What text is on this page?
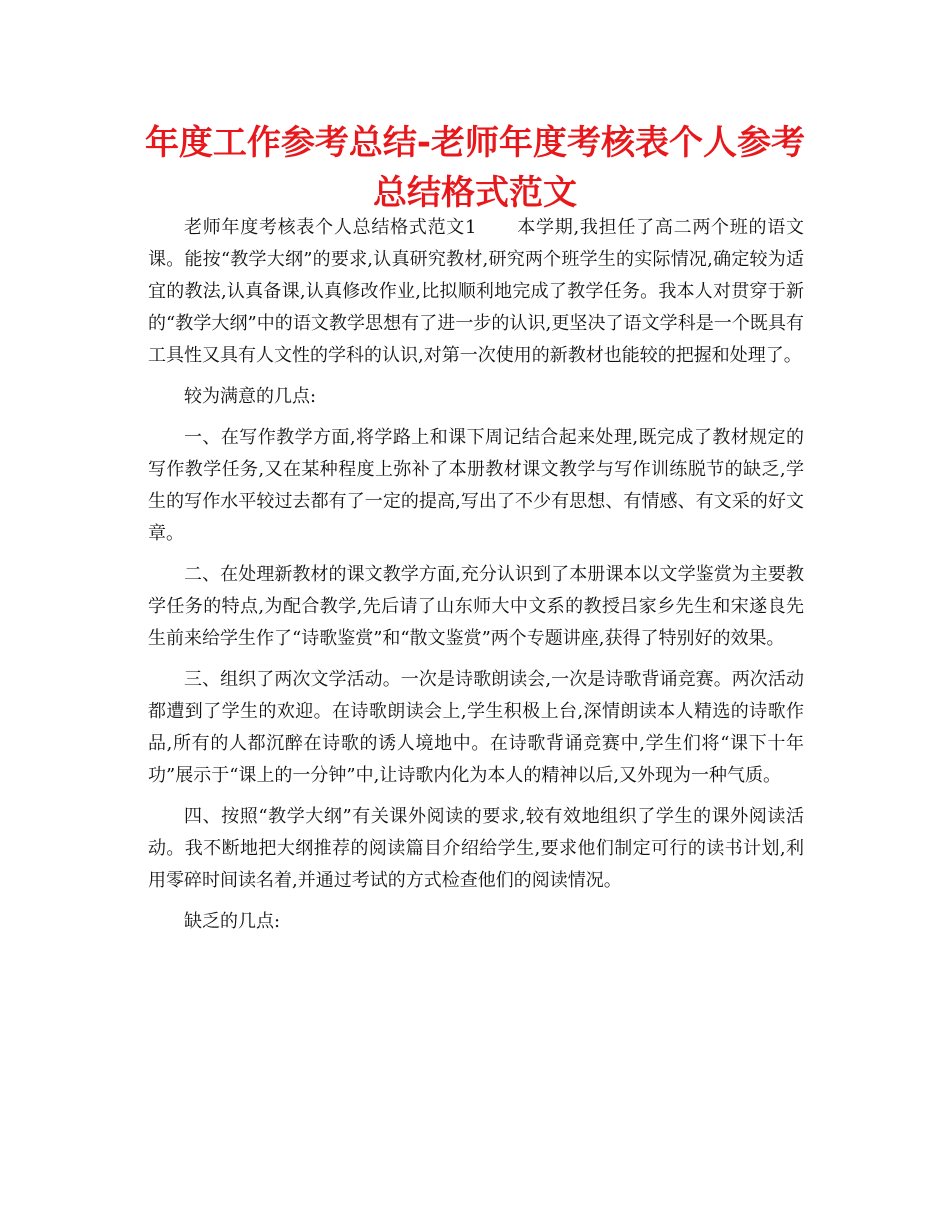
年度工作参考总结-老师年度考核表个人参考总结格式范文

老师年度考核表个人总结格式范文1 本学期,我担任了高二两个班的语文课。能按“教学大纲”的要求,认真研究教材,研究两个班学生的实际情况,确定较为适宜的教法,认真备课,认真修改作业,比拟顺利地完成了教学任务。我本人对贯穿于新的“教学大纲”中的语文教学思想有了进一步的认识,更坚决了语文学科是一个既具有工具性又具有人文性的学科的认识,对第一次使用的新教材也能较的把握和处理了。

较为满意的几点:

一、在写作教学方面,将学路上和课下周记结合起来处理,既完成了教材规定的写作教学任务,又在某种程度上弥补了本册教材课文教学与写作训练脱节的缺乏,学生的写作水平较过去都有了一定的提高,写出了不少有思想、有情感、有文采的好文章。

二、在处理新教材的课文教学方面,充分认识到了本册课本以文学鉴赏为主要教学任务的特点,为配合教学,先后请了山东师大中文系的教授吕家乡先生和宋遂良先生前来给学生作了“诗歌鉴赏”和“散文鉴赏”两个专题讲座,获得了特别好的效果。

三、组织了两次文学活动。一次是诗歌朗读会,一次是诗歌背诵竞赛。两次活动都遭到了学生的欢迎。在诗歌朗读会上,学生积极上台,深情朗读本人精选的诗歌作品,所有的人都沉醉在诗歌的诱人境地中。在诗歌背诵竞赛中,学生们将“课下十年功”展示于“课上的一分钟”中,让诗歌内化为本人的精神以后,又外现为一种气质。

四、按照“教学大纲”有关课外阅读的要求,较有效地组织了学生的课外阅读活动。我不断地把大纲推荐的阅读篇目介绍给学生,要求他们制定可行的读书计划,利用零碎时间读名着,并通过考试的方式检查他们的阅读情况。

缺乏的几点:
